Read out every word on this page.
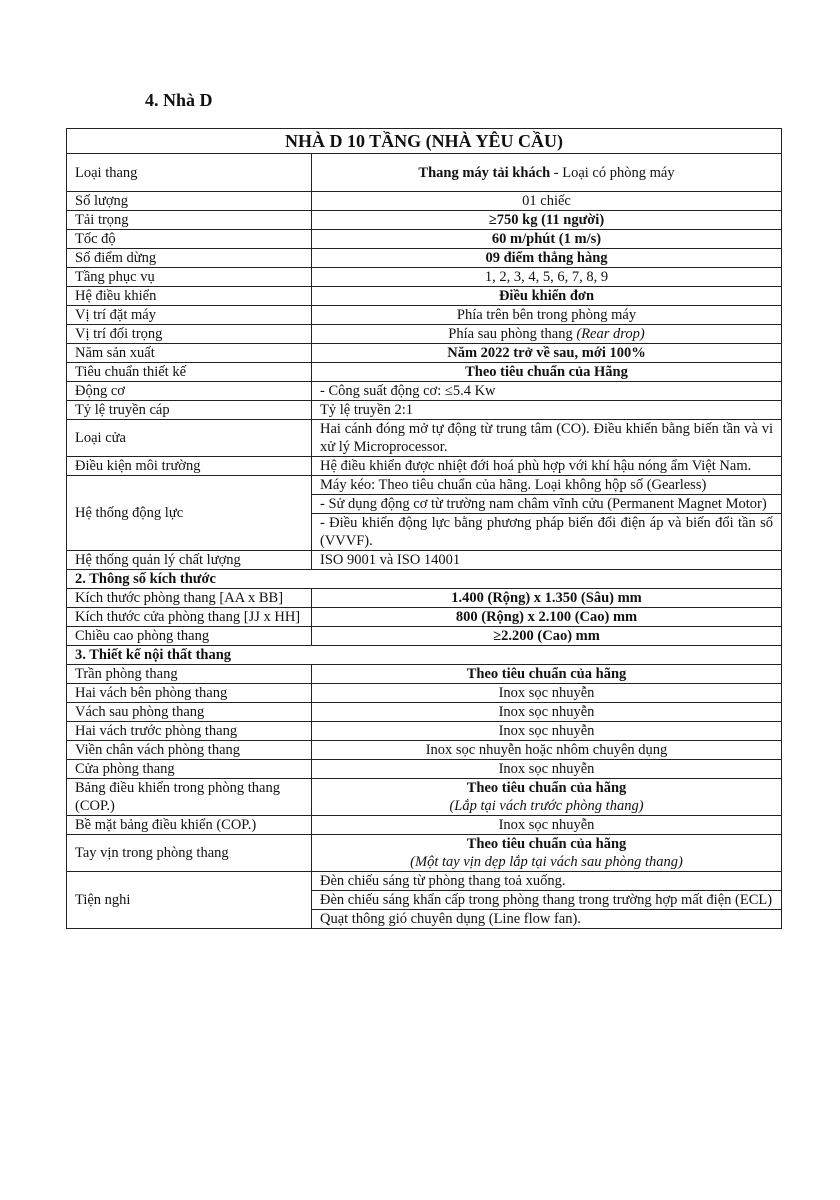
4. Nhà D
NHÀ D 10 TẦNG (NHÀ YÊU CẦU)	
Loại thang	Thang máy tải khách - Loại có phòng máy
Số lượng	01 chiếc
Tải trọng	≥750 kg (11 người)
Tốc độ	60 m/phút (1 m/s)
Số điểm dừng	09 điểm thẳng hàng
Tầng phục vụ	1, 2, 3, 4, 5, 6, 7, 8, 9
Hệ điều khiển	Điều khiển đơn
Vị trí đặt máy	Phía trên bên trong phòng máy
Vị trí đối trọng	Phía sau phòng thang (Rear drop)
Năm sản xuất	Năm 2022 trở về sau, mới 100%
Tiêu chuẩn thiết kế	Theo tiêu chuẩn của Hãng
Động cơ	- Công suất động cơ: ≤5.4 Kw
Tỷ lệ truyền cáp	Tỷ lệ truyền 2:1
Loại cửa	Hai cánh đóng mở tự động từ trung tâm (CO). Điều khiển bằng biến tần và vi xử lý Microprocessor.
Điều kiện môi trường	Hệ điều khiển được nhiệt đới hoá phù hợp với khí hậu nóng ẩm Việt Nam.
Hệ thống động lực	Máy kéo: Theo tiêu chuẩn của hãng. Loại không hộp số (Gearless)
	- Sử dụng động cơ từ trường nam châm vĩnh cửu (Permanent Magnet Motor)
	- Điều khiển động lực bằng phương pháp biến đổi điện áp và biến đổi tần số (VVVF).
Hệ thống quản lý chất lượng	ISO 9001 và ISO 14001
2. Thông số kích thước	
Kích thước phòng thang [AA x BB]	1.400 (Rộng) x 1.350 (Sâu) mm
Kích thước cửa phòng thang [JJ x HH]	800 (Rộng) x 2.100 (Cao) mm
Chiều cao phòng thang	≥2.200 (Cao) mm
3. Thiết kế nội thất thang	
Trần phòng thang	Theo tiêu chuẩn của hãng
Hai vách bên phòng thang	Inox sọc nhuyễn
Vách sau phòng thang	Inox sọc nhuyễn
Hai vách trước phòng thang	Inox sọc nhuyễn
Viền chân vách phòng thang	Inox sọc nhuyễn hoặc nhôm chuyên dụng
Cửa phòng thang	Inox sọc nhuyễn
Bảng điều khiển trong phòng thang (COP.)	Theo tiêu chuẩn của hãng
(Lắp tại vách trước phòng thang)

Bề mặt bảng điều khiển (COP.)	Inox sọc nhuyễn
Tay vịn trong phòng thang	Theo tiêu chuẩn của hãng
(Một tay vịn dẹp lắp tại vách sau phòng thang)

Tiện nghi	Đèn chiếu sáng từ phòng thang toả xuống.
	Đèn chiếu sáng khẩn cấp trong phòng thang trong trường hợp mất điện (ECL)
	Quạt thông gió chuyên dụng (Line flow fan).
